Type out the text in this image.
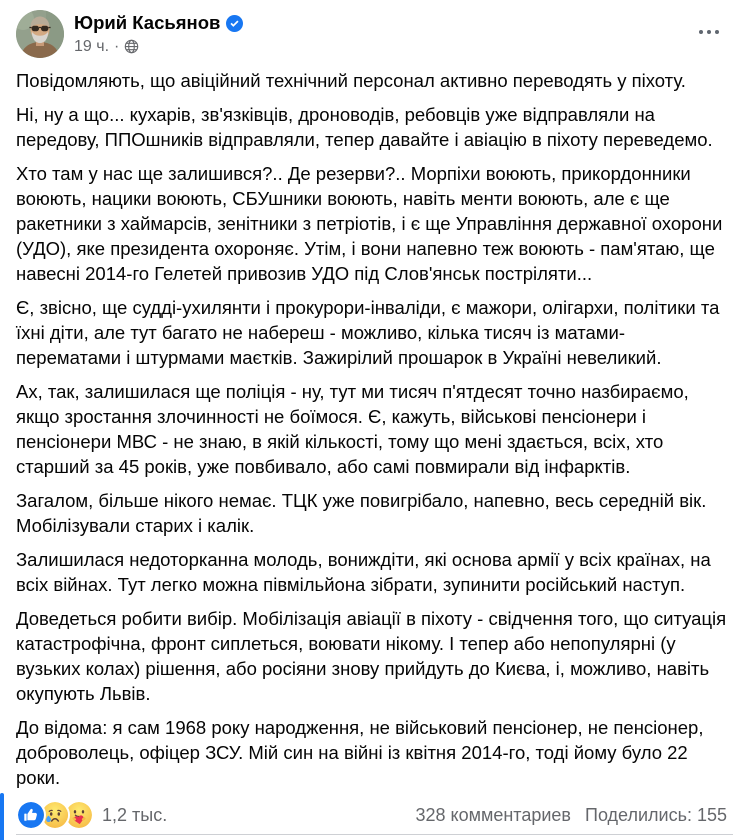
Юрий Касьянов
19 ч. ·

Повідомляють, що авіційний технічний персонал активно переводять у піхоту.

Ні, ну а що... кухарів, зв'язківців, дроноводів, ребовців уже відправляли на передову, ППОшників відправляли, тепер давайте і авіацію в піхоту переведемо.

Хто там у нас ще залишився?.. Де резерви?.. Морпіхи воюють, прикордонники воюють, нацики воюють, СБУшники воюють, навіть менти воюють, але є ще ракетники з хаймарсів, зенітники з петріотів, і є ще Управління державної охорони (УДО), яке президента охороняє. Утім, і вони напевно теж воюють - пам'ятаю, ще навесні 2014-го Гелетей привозив УДО під Слов'янськ постріляти...

Є, звісно, ще судді-ухилянти і прокурори-інваліди, є мажори, олігархи, політики та їхні діти, але тут багато не набереш - можливо, кілька тисяч із матами-перематами і штурмами маєтків. Зажирілий прошарок в Україні невеликий.

Ах, так, залишилася ще поліція - ну, тут ми тисяч п'ятдесят точно назбираємо, якщо зростання злочинності не боїмося. Є, кажуть, військові пенсіонери і пенсіонери МВС - не знаю, в якій кількості, тому що мені здається, всіх, хто старший за 45 років, уже повбивало, або самі повмирали від інфарктів.

Загалом, більше нікого немає. ТЦК уже повигрібало, напевно, весь середній вік. Мобілізували старих і калік.

Залишилася недоторканна молодь, вониждіти, які основа армії у всіх країнах, на всіх війнах. Тут легко можна півмільйона зібрати, зупинити російський наступ.

Доведеться робити вибір. Мобілізація авіації в піхоту - свідчення того, що ситуація катастрофічна, фронт сиплеться, воювати нікому. І тепер або непопулярні (у вузьких колах) рішення, або росіяни знову прийдуть до Києва, і, можливо, навіть окупують Львів.

До відома: я сам 1968 року народження, не військовий пенсіонер, не пенсіонер, доброволець, офіцер ЗСУ. Мій син на війні із квітня 2014-го, тоді йому було 22 роки.

1,2 тыс.	328 комментариев Поделились: 155
